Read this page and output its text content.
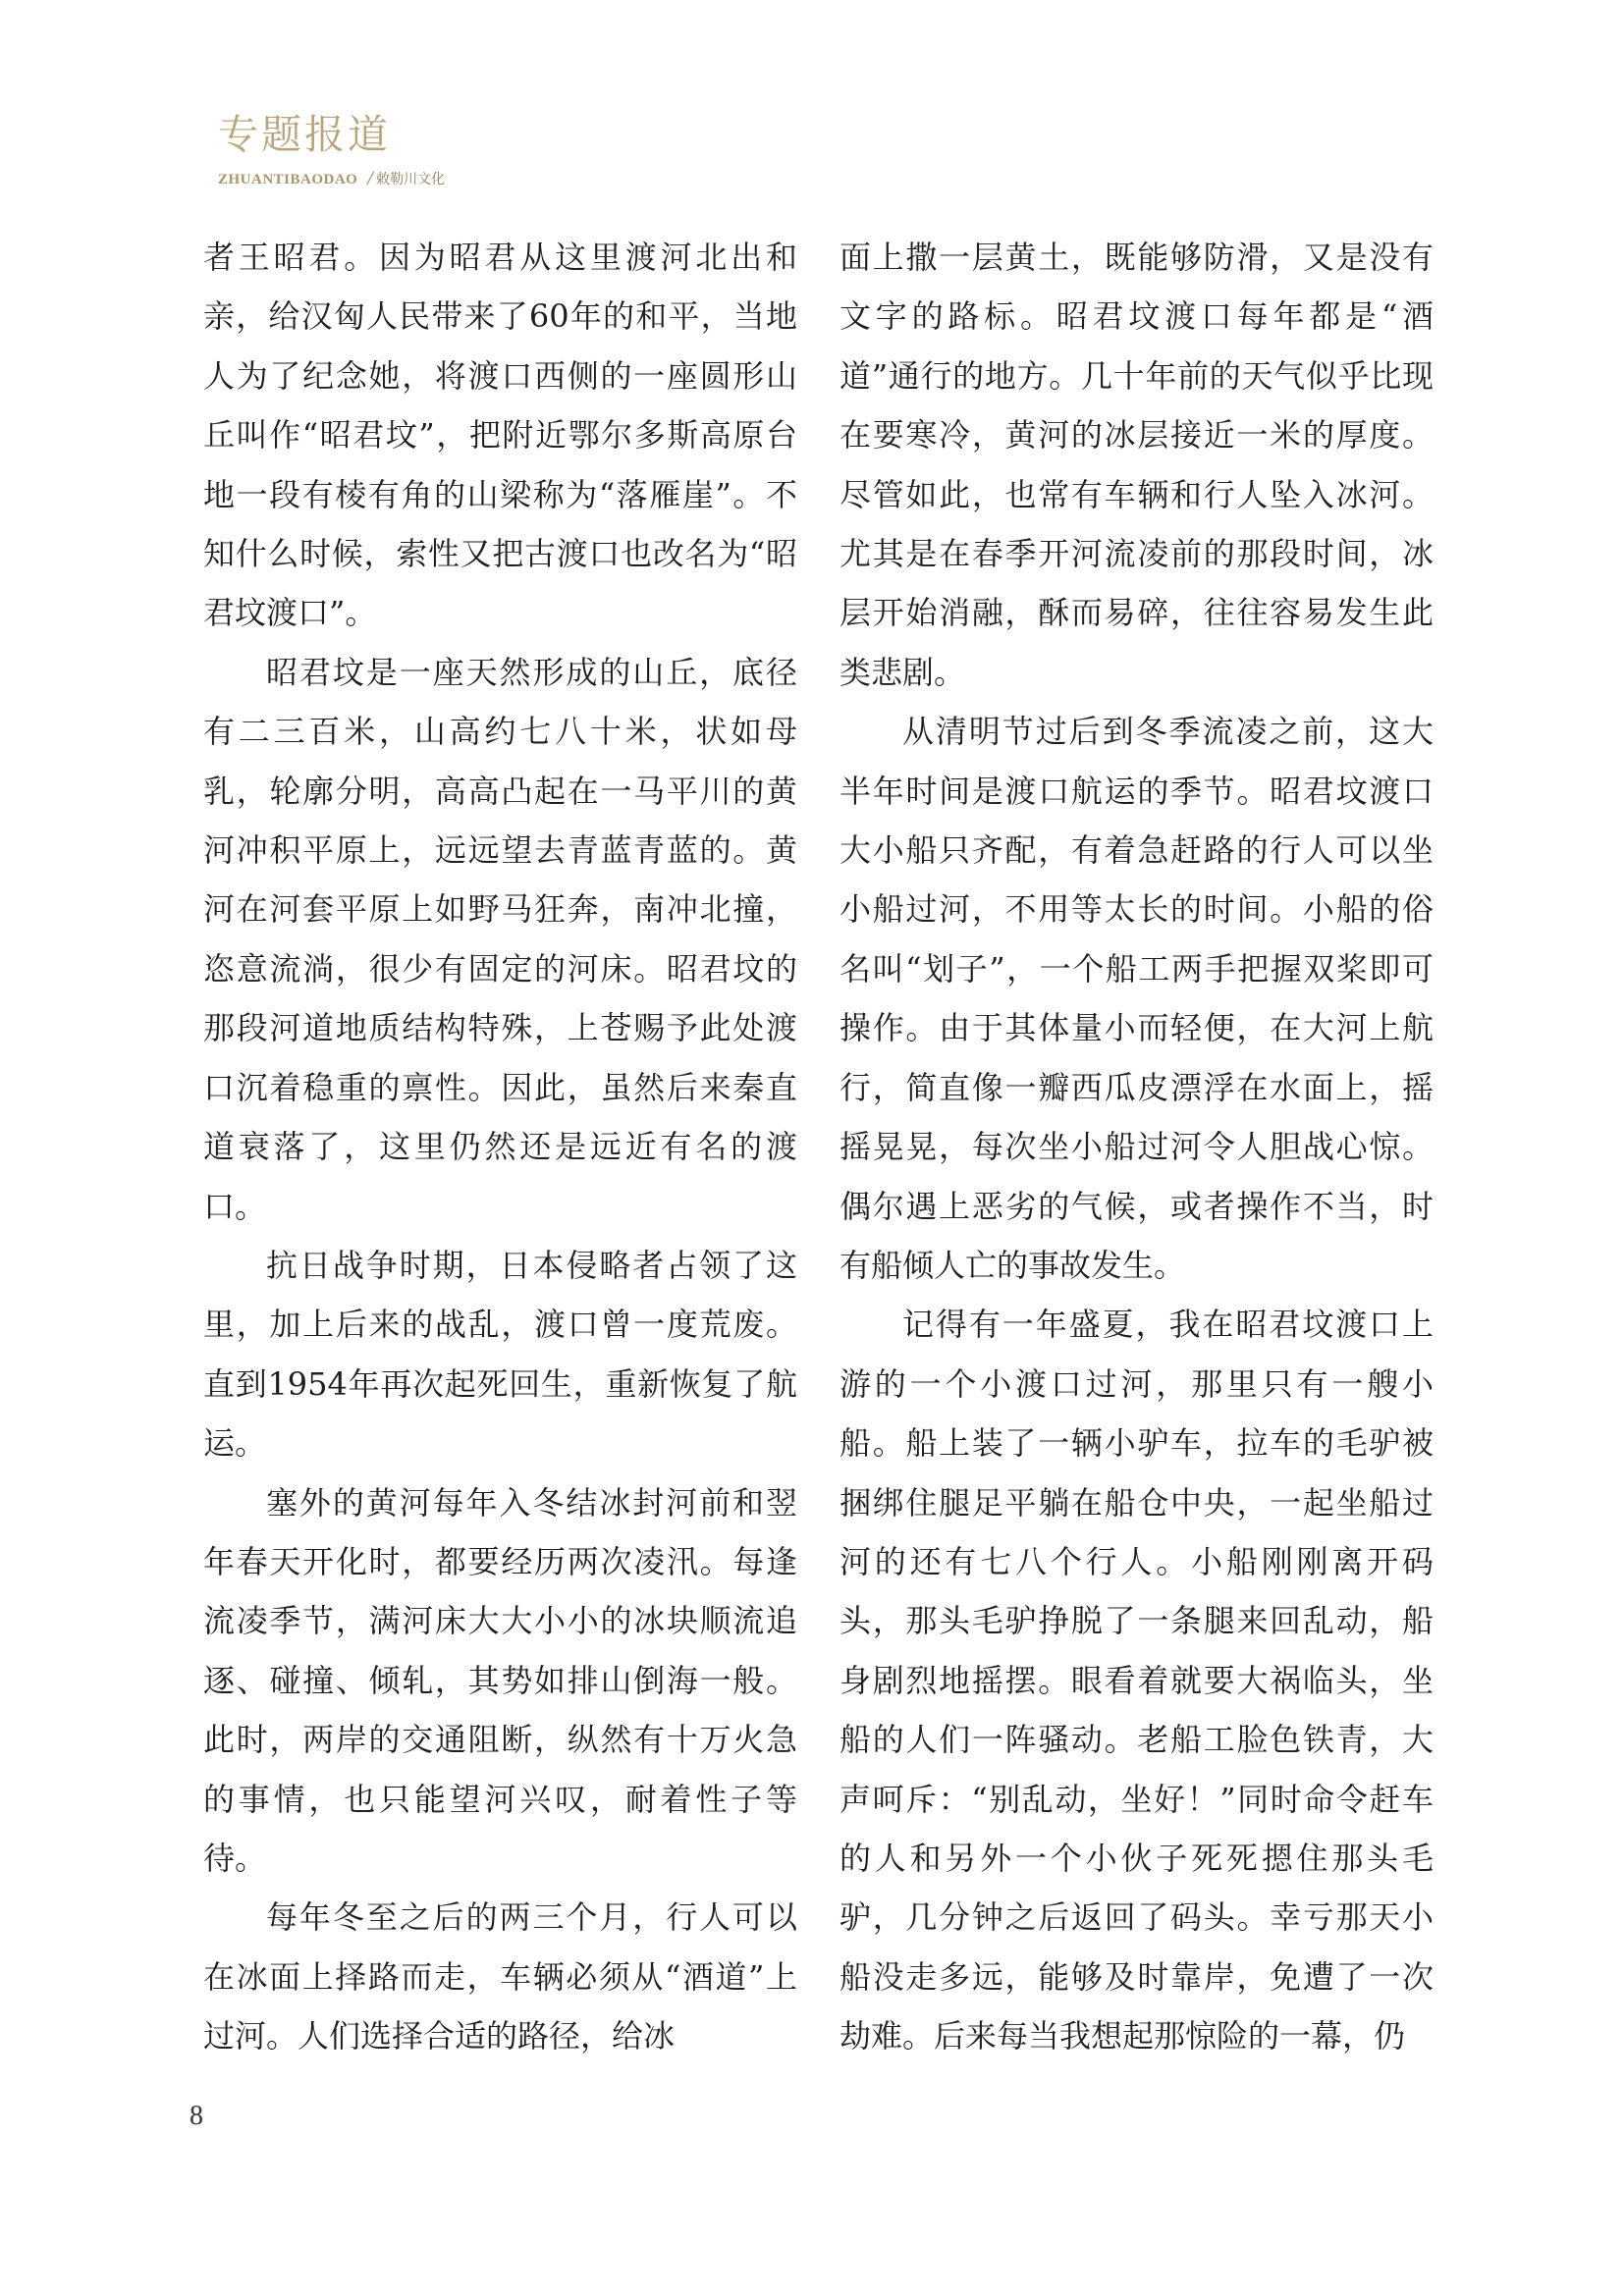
专题报道
ZHUANTIBAODAO / 敕勒川文化

者王昭君。因为昭君从这里渡河北出和亲，给汉匈人民带来了60年的和平，当地人为了纪念她，将渡口西侧的一座圆形山丘叫作“昭君坟”，把附近鄂尔多斯高原台地一段有棱有角的山梁称为“落雁崖”。不知什么时候，索性又把古渡口也改名为“昭君坟渡口”。

昭君坟是一座天然形成的山丘，底径有二三百米，山高约七八十米，状如母乳，轮廓分明，高高凸起在一马平川的黄河冲积平原上，远远望去青蓝青蓝的。黄河在河套平原上如野马狂奔，南冲北撞，恣意流淌，很少有固定的河床。昭君坟的那段河道地质结构特殊，上苍赐予此处渡口沉着稳重的禀性。因此，虽然后来秦直道衰落了，这里仍然还是远近有名的渡口。

抗日战争时期，日本侵略者占领了这里，加上后来的战乱，渡口曾一度荒废。直到1954年再次起死回生，重新恢复了航运。

塞外的黄河每年入冬结冰封河前和翌年春天开化时，都要经历两次凌汛。每逢流凌季节，满河床大大小小的冰块顺流追逐、碰撞、倾轧，其势如排山倒海一般。此时，两岸的交通阻断，纵然有十万火急的事情，也只能望河兴叹，耐着性子等待。

每年冬至之后的两三个月，行人可以在冰面上择路而走，车辆必须从“酒道”上过河。人们选择合适的路径，给冰

面上撒一层黄土，既能够防滑，又是没有文字的路标。昭君坟渡口每年都是“酒道”通行的地方。几十年前的天气似乎比现在要寒冷，黄河的冰层接近一米的厚度。尽管如此，也常有车辆和行人坠入冰河。尤其是在春季开河流凌前的那段时间，冰层开始消融，酥而易碎，往往容易发生此类悲剧。

从清明节过后到冬季流凌之前，这大半年时间是渡口航运的季节。昭君坟渡口大小船只齐配，有着急赶路的行人可以坐小船过河，不用等太长的时间。小船的俗名叫“划子”，一个船工两手把握双桨即可操作。由于其体量小而轻便，在大河上航行，简直像一瓣西瓜皮漂浮在水面上，摇摇晃晃，每次坐小船过河令人胆战心惊。偶尔遇上恶劣的气候，或者操作不当，时有船倾人亡的事故发生。

记得有一年盛夏，我在昭君坟渡口上游的一个小渡口过河，那里只有一艘小船。船上装了一辆小驴车，拉车的毛驴被捆绑住腿足平躺在船仓中央，一起坐船过河的还有七八个行人。小船刚刚离开码头，那头毛驴挣脱了一条腿来回乱动，船身剧烈地摇摆。眼看着就要大祸临头，坐船的人们一阵骚动。老船工脸色铁青，大声呵斥：“别乱动，坐好！”同时命令赶车的人和另外一个小伙子死死摁住那头毛驴，几分钟之后返回了码头。幸亏那天小船没走多远，能够及时靠岸，免遭了一次劫难。后来每当我想起那惊险的一幕，仍

8
